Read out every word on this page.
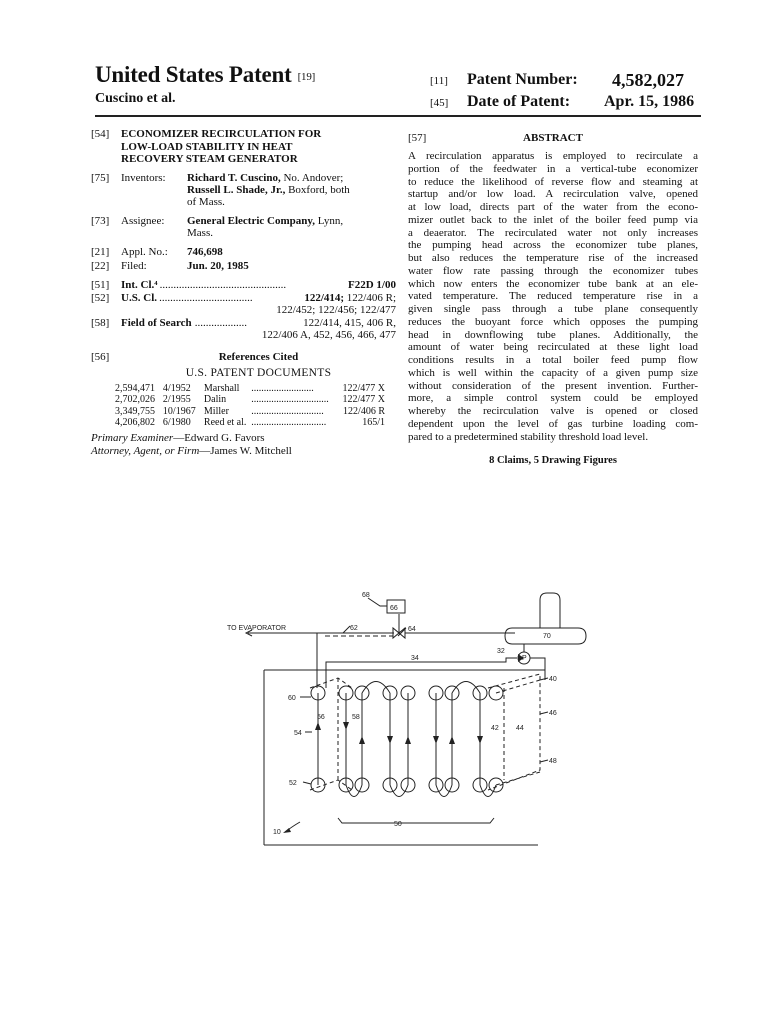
United States Patent [19]
Cuscino et al.
[11] Patent Number: 4,582,027
[45] Date of Patent: Apr. 15, 1986
[54]	ECONOMIZER RECIRCULATION FOR
LOW-LOAD STABILITY IN HEAT
RECOVERY STEAM GENERATOR
[75]	Inventors:	Richard T. Cuscino, No. Andover;
Russell L. Shade, Jr., Boxford, both
of Mass.
[73]	Assignee:	General Electric Company, Lynn,
Mass.
[21]	Appl. No.:	746,698
[22]	Filed:	Jun. 20, 1985
[51]	Int. Cl.⁴ ..............................................	F22D 1/00
[52]	U.S. Cl. ..................................	122/414;
122/406 R;
122/452; 122/456; 122/477
[58]	Field of Search ...................	122/414, 415, 406 R,
122/406 A, 452, 456, 466, 477
[56]	References Cited
U.S. PATENT DOCUMENTS
2,594,471	4/1952	Marshall	.........................	122/477 X
2,702,026	2/1955	Dalin	...............................	122/477 X
3,349,755	10/1967	Miller	.............................	122/406 R
4,206,802	6/1980	Reed et al.	..............................	165/1
Primary Examiner—Edward G. Favors
Attorney, Agent, or Firm—James W. Mitchell
[57]	ABSTRACT
A recirculation apparatus is employed to recirculate a
portion of the feedwater in a vertical-tube economizer
to reduce the likelihood of reverse flow and steaming at
startup and/or low load. A recirculation valve, opened
at low load, directs part of the water from the econo-
mizer outlet back to the inlet of the boiler feed pump via
a deaerator. The recirculated water not only increases
the pumping head across the economizer tube planes,
but also reduces the temperature rise of the increased
water flow rate passing through the economizer tubes
which now enters the economizer tube bank at an ele-
vated temperature. The reduced temperature rise in a
given single pass through a tube plane consequently
reduces the buoyant force which opposes the pumping
head in downflowing tube planes. Additionally, the
amount of water being recirculated at these light load
conditions results in a total boiler feed pump flow
which is well within the capacity of a given pump size
without consideration of the present invention. Further-
more, a simple control system could be employed
whereby the recirculation valve is opened or closed
dependent upon the level of gas turbine loading com-
pared to a predetermined stability threshold load level.
8 Claims, 5 Drawing Figures
TO EVAPORATOR
68
66
62	64
70
32
P
34
40
46
48
60
56	58
54
52
42 44
50
10
